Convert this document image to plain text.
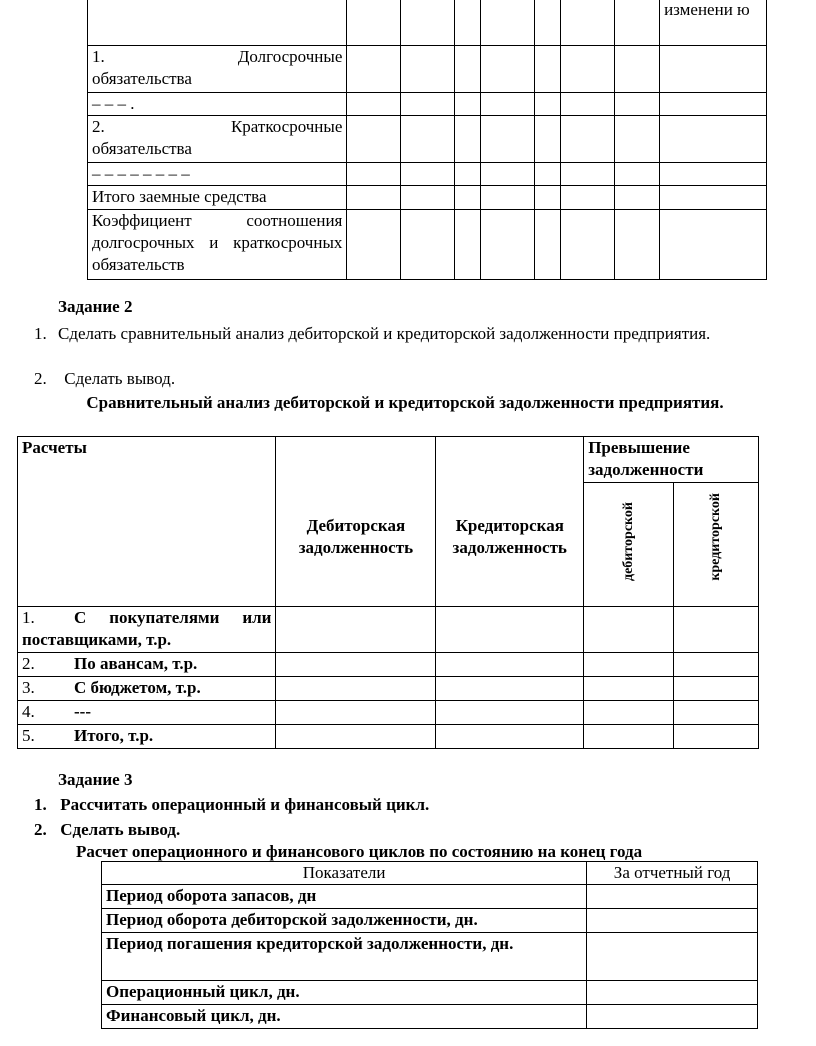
								изменени ю
1.         Долгосрочные обязательства								
‒ ‒ ‒ .								
2.         Краткосрочные обязательства								
‒ ‒ ‒ ‒ ‒ ‒ ‒ ‒								
Итого заемные средства								
Коэффициент соотношения долгосрочных и краткосрочных обязательств								
Задание 2
1. Сделать сравнительный анализ дебиторской и кредиторской задолженности предприятия.
2. Сделать вывод.
Сравнительный анализ дебиторской и кредиторской задолженности предприятия.
Расчеты	Дебиторская задолженность	Кредиторская задолженность	Превышение задолженности	
			дебиторской	кредиторской
1. С покупателями или поставщиками, т.р.				
2. По авансам, т.р.				
3. С бюджетом, т.р.				
4. ---				
5. Итого, т.р.				
Задание 3
1. Рассчитать операционный и финансовый цикл.
2. Сделать вывод.
Расчет операционного и финансового циклов по состоянию на конец года
Показатели	За отчетный год
Период оборота запасов, дн	
Период оборота дебиторской задолженности, дн.	
Период погашения кредиторской задолженности, дн.	
Операционный цикл, дн.	
Финансовый цикл, дн.	
